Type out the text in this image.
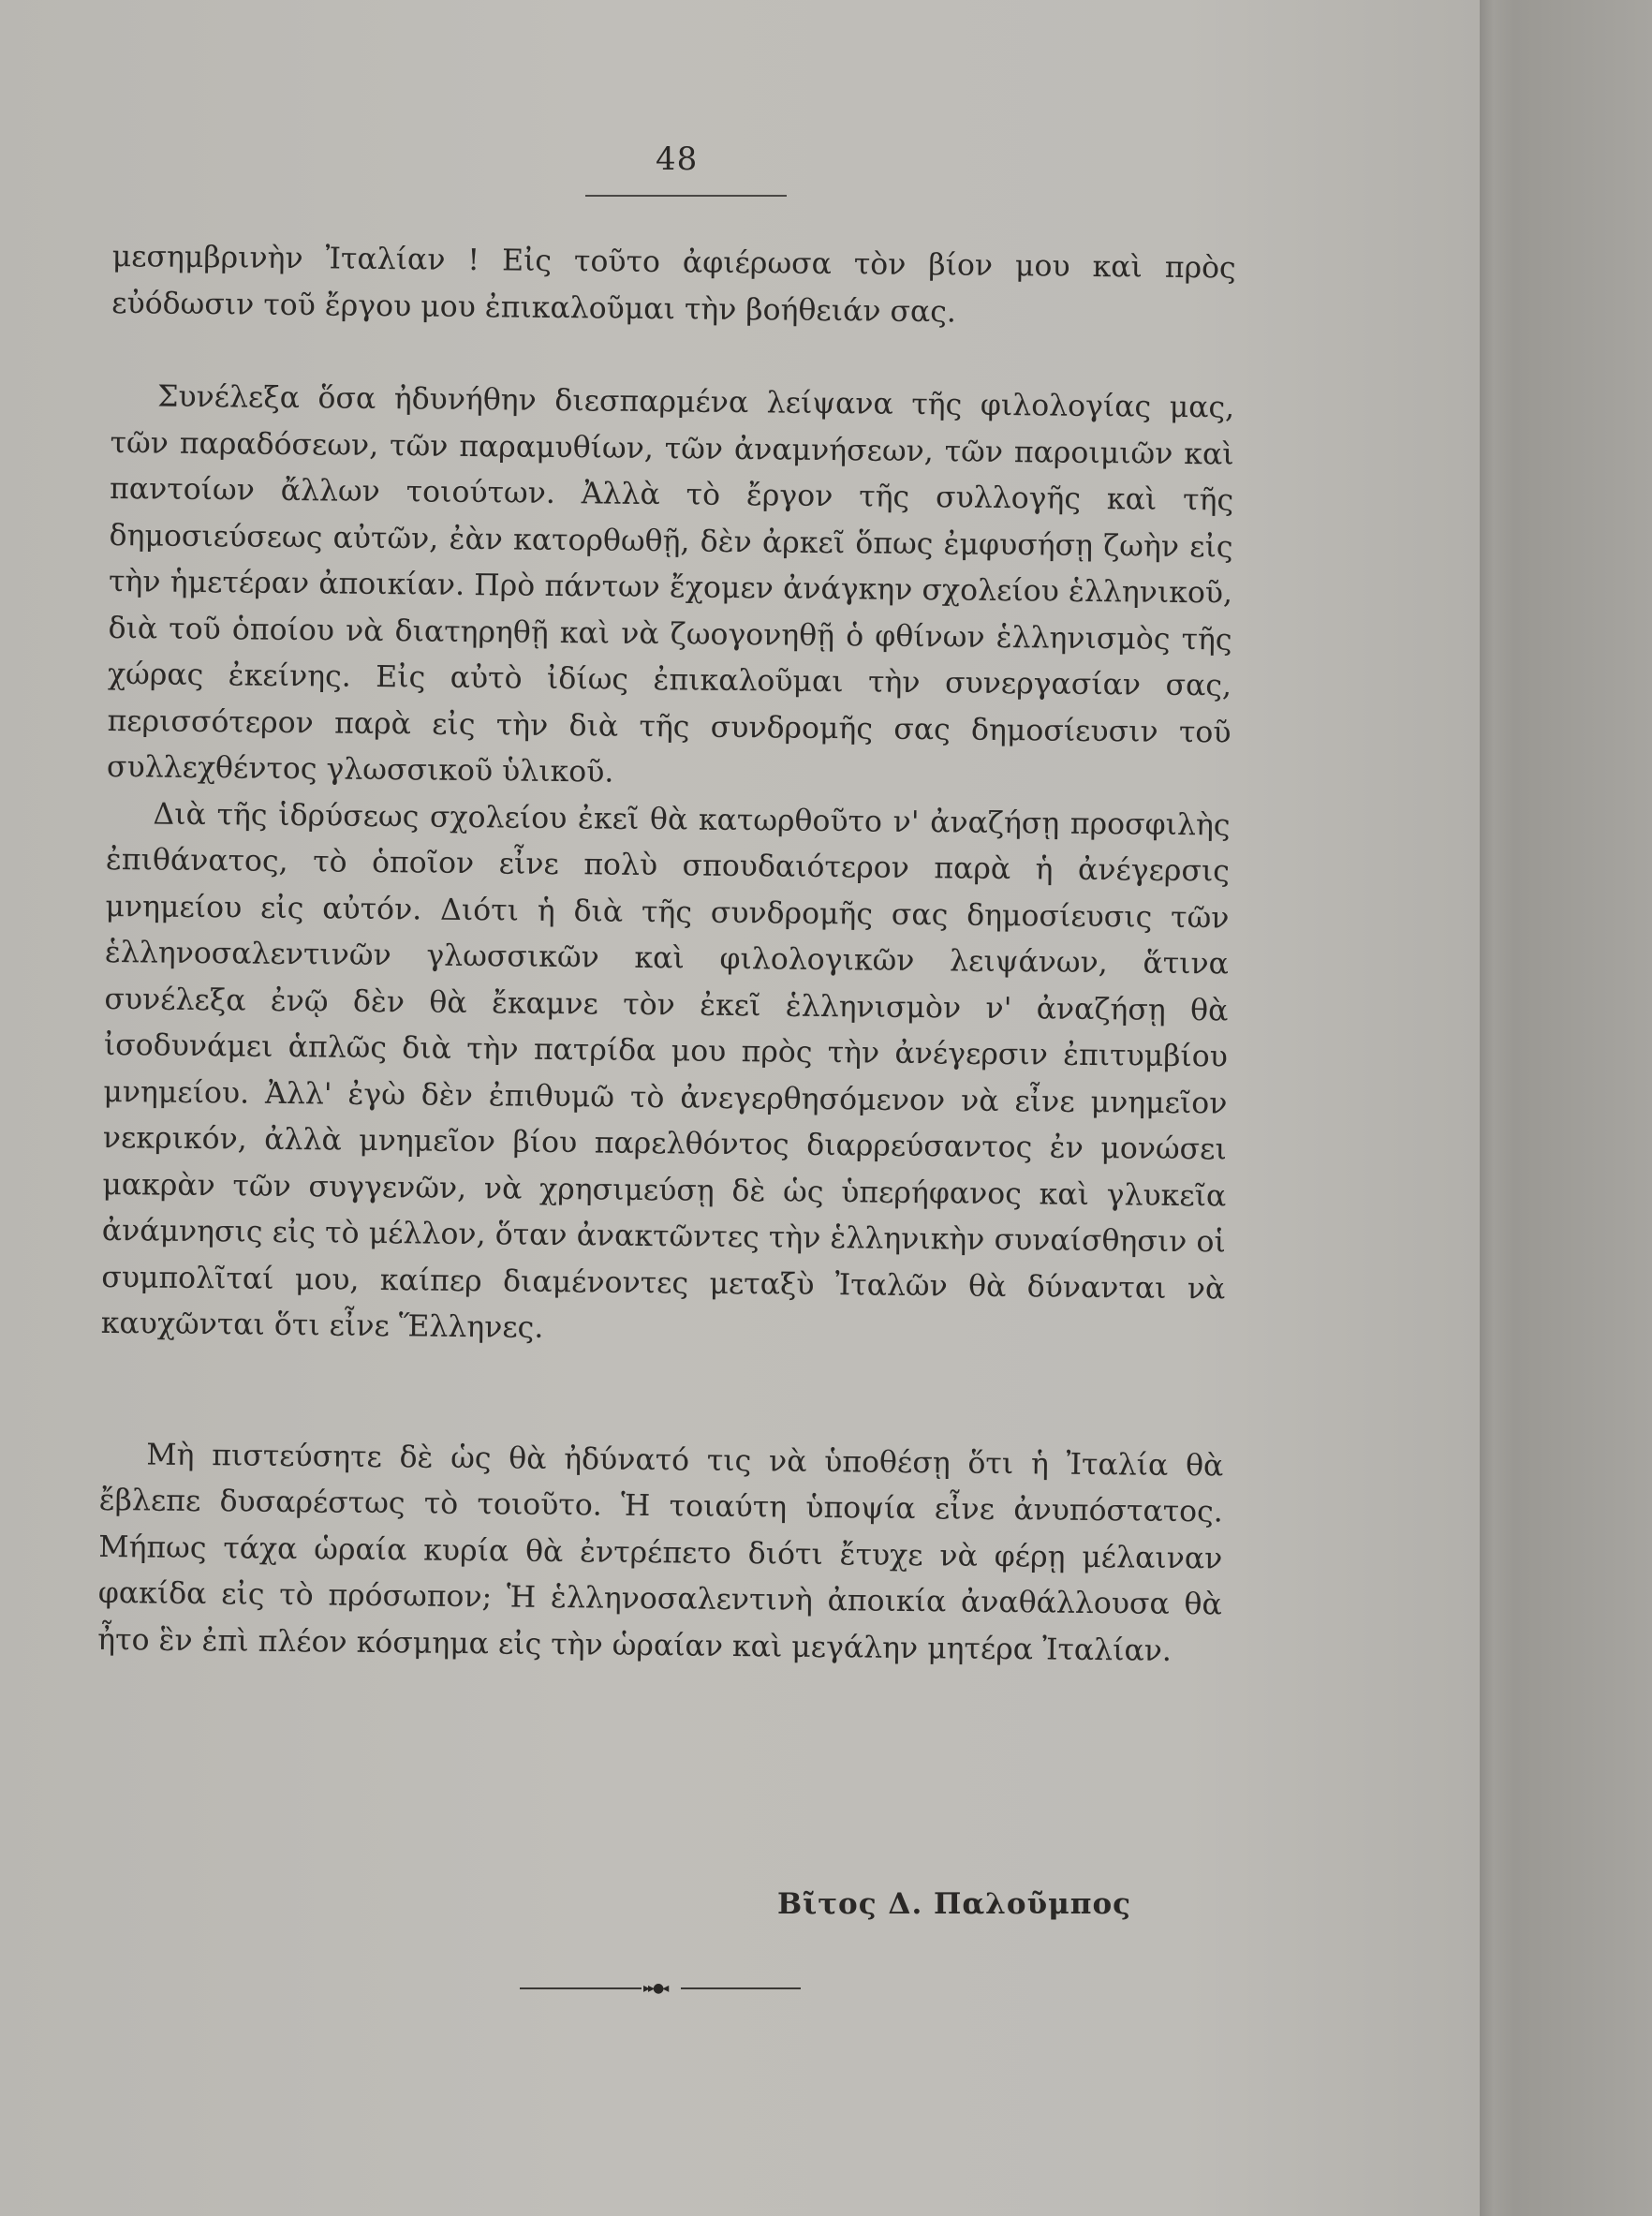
48

μεσημβρινὴν Ἰταλίαν ! Εἰς τοῦτο ἀφιέρωσα τὸν βίον μου καὶ πρὸς εὐόδωσιν τοῦ ἔργου μου ἐπικαλοῦμαι τὴν βοήθειάν σας.

Συνέλεξα ὅσα ἠδυνήθην διεσπαρμένα λείψανα τῆς φιλολογίας μας, τῶν παραδόσεων, τῶν παραμυθίων, τῶν ἀναμνήσεων, τῶν παροιμιῶν καὶ παντοίων ἄλλων τοιούτων. Ἀλλὰ τὸ ἔργον τῆς συλλογῆς καὶ τῆς δημοσιεύσεως αὐτῶν, ἐὰν κατορθωθῇ, δὲν ἀρκεῖ ὅπως ἐμφυσήσῃ ζωὴν εἰς τὴν ἡμετέραν ἀποικίαν. Πρὸ πάντων ἔχομεν ἀνάγκην σχολείου ἑλληνικοῦ, διὰ τοῦ ὁποίου νὰ διατηρηθῇ καὶ νὰ ζωογονηθῇ ὁ φθίνων ἑλληνισμὸς τῆς χώρας ἐκείνης. Εἰς αὐτὸ ἰδίως ἐπικαλοῦμαι τὴν συνεργασίαν σας, περισσότερον παρὰ εἰς τὴν διὰ τῆς συνδρομῆς σας δημοσίευσιν τοῦ συλλεχθέντος γλωσσικοῦ ὑλικοῦ.

Διὰ τῆς ἱδρύσεως σχολείου ἐκεῖ θὰ κατωρθοῦτο ν' ἀναζήσῃ προσφιλὴς ἐπιθάνατος, τὸ ὁποῖον εἶνε πολὺ σπουδαιότερον παρὰ ἡ ἀνέγερσις μνημείου εἰς αὐτόν. Διότι ἡ διὰ τῆς συνδρομῆς σας δημοσίευσις τῶν ἑλληνοσαλεντινῶν γλωσσικῶν καὶ φιλολογικῶν λειψάνων, ἅτινα συνέλεξα ἐνῷ δὲν θὰ ἔκαμνε τὸν ἐκεῖ ἑλληνισμὸν ν' ἀναζήσῃ θὰ ἰσοδυνάμει ἁπλῶς διὰ τὴν πατρίδα μου πρὸς τὴν ἀνέγερσιν ἐπιτυμβίου μνημείου. Ἀλλ' ἐγὼ δὲν ἐπιθυμῶ τὸ ἀνεγερθησόμενον νὰ εἶνε μνημεῖον νεκρικόν, ἀλλὰ μνημεῖον βίου παρελθόντος διαρρεύσαντος ἐν μονώσει μακρὰν τῶν συγγενῶν, νὰ χρησιμεύσῃ δὲ ὡς ὑπερήφανος καὶ γλυκεῖα ἀνάμνησις εἰς τὸ μέλλον, ὅταν ἀνακτῶντες τὴν ἑλληνικὴν συναίσθησιν οἱ συμπολῖταί μου, καίπερ διαμένοντες μεταξὺ Ἰταλῶν θὰ δύνανται νὰ καυχῶνται ὅτι εἶνε Ἕλληνες.

Μὴ πιστεύσητε δὲ ὡς θὰ ἠδύνατό τις νὰ ὑποθέσῃ ὅτι ἡ Ἰταλία θὰ ἔβλεπε δυσαρέστως τὸ τοιοῦτο. Ἡ τοιαύτη ὑποψία εἶνε ἀνυπόστατος. Μήπως τάχα ὡραία κυρία θὰ ἐντρέπετο διότι ἔτυχε νὰ φέρῃ μέλαιναν φακίδα εἰς τὸ πρόσωπον; Ἡ ἑλληνοσαλεντινὴ ἀποικία ἀναθάλλουσα θὰ ἦτο ἓν ἐπὶ πλέον κόσμημα εἰς τὴν ὡραίαν καὶ μεγάλην μητέρα Ἰταλίαν.

Βῖτος Δ. Παλοῦμπος
▸▸●◂
